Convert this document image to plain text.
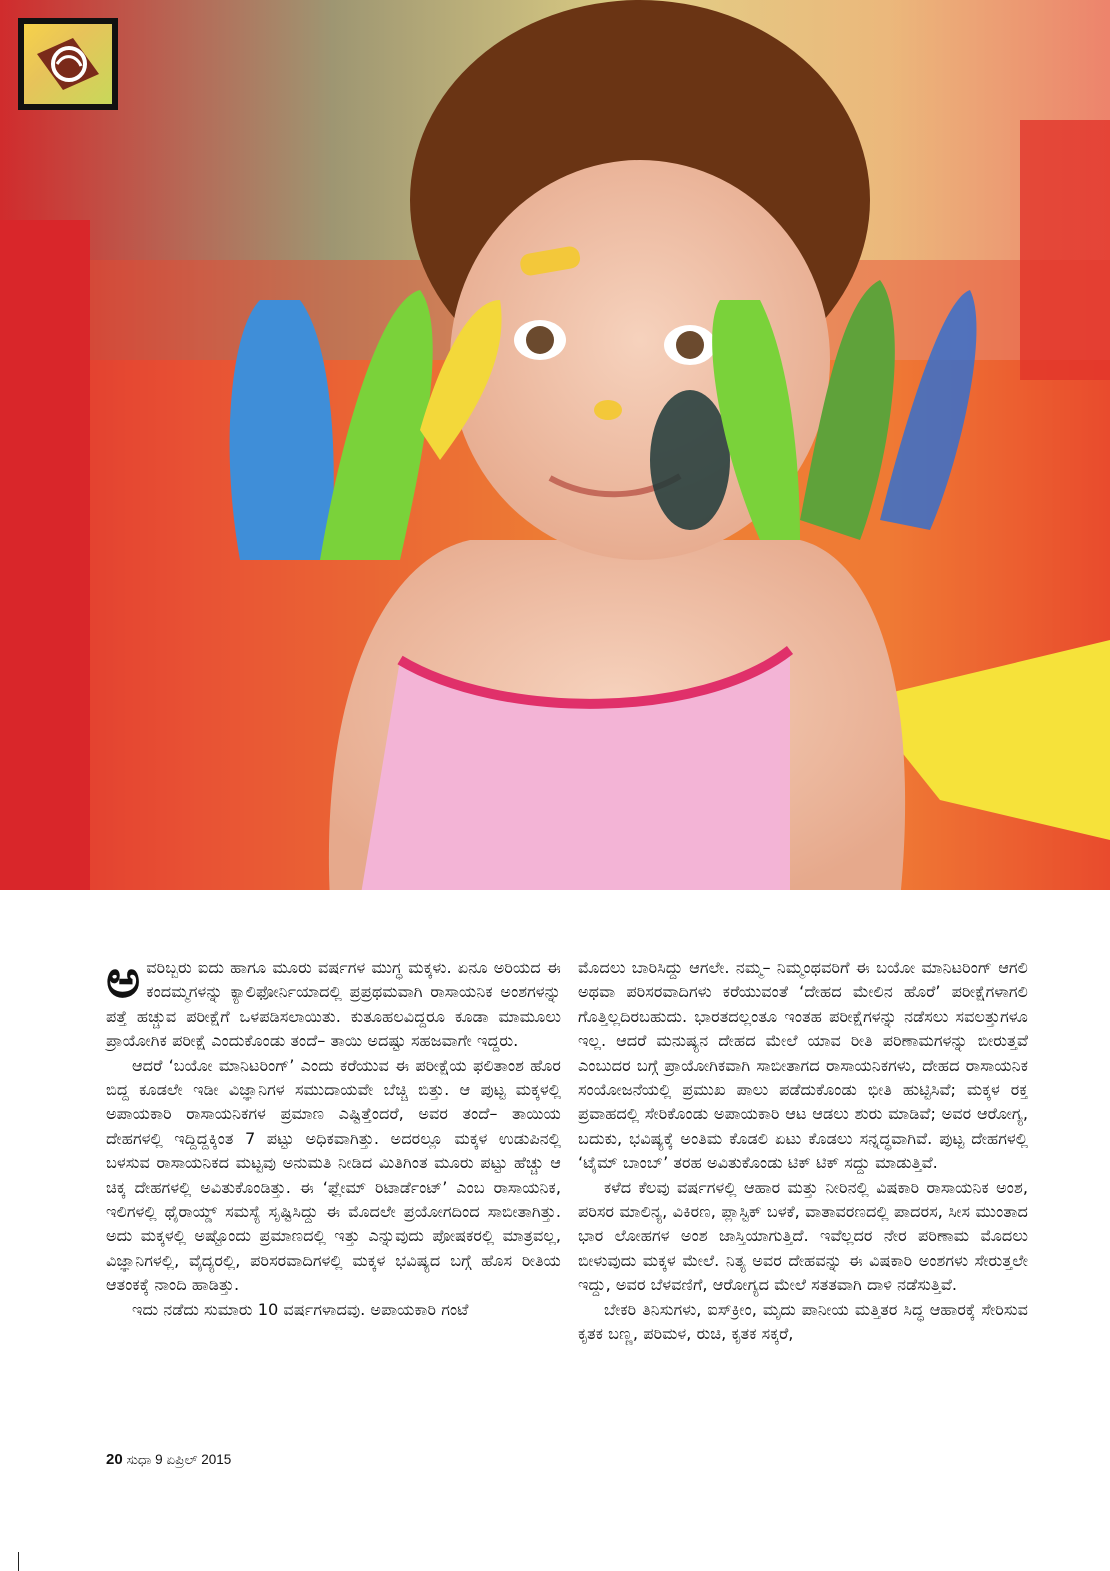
ಅವರಿಬ್ಬರು ಐದು ಹಾಗೂ ಮೂರು ವರ್ಷಗಳ ಮುಗ್ಧ ಮಕ್ಕಳು. ಏನೂ ಅರಿಯದ ಈ ಕಂದಮ್ಮಗಳನ್ನು ಕ್ಯಾಲಿಫೋರ್ನಿಯಾದಲ್ಲಿ ಪ್ರಪ್ರಥಮವಾಗಿ ರಾಸಾಯನಿಕ ಅಂಶಗಳನ್ನು ಪತ್ತೆ ಹಚ್ಚುವ ಪರೀಕ್ಷೆಗೆ ಒಳಪಡಿಸಲಾಯಿತು. ಕುತೂಹಲವಿದ್ದರೂ ಕೂಡಾ ಮಾಮೂಲು ಪ್ರಾಯೋಗಿಕ ಪರೀಕ್ಷೆ ಎಂದುಕೊಂಡು ತಂದೆ– ತಾಯಿ ಅದಷ್ಟು ಸಹಜವಾಗೇ ಇದ್ದರು.

ಆದರೆ ‘ಬಯೋ ಮಾನಿಟರಿಂಗ್’ ಎಂದು ಕರೆಯುವ ಈ ಪರೀಕ್ಷೆಯ ಫಲಿತಾಂಶ ಹೊರ ಬಿದ್ದ ಕೂಡಲೇ ಇಡೀ ವಿಜ್ಞಾನಿಗಳ ಸಮುದಾಯವೇ ಬೆಚ್ಚಿ ಬಿತ್ತು. ಆ ಪುಟ್ಟ ಮಕ್ಕಳಲ್ಲಿ ಅಪಾಯಕಾರಿ ರಾಸಾಯನಿಕಗಳ ಪ್ರಮಾಣ ಎಷ್ಟಿತ್ತೆಂದರೆ, ಅವರ ತಂದೆ– ತಾಯಿಯ ದೇಹಗಳಲ್ಲಿ ಇದ್ದಿದ್ದಕ್ಕಿಂತ 7 ಪಟ್ಟು ಅಧಿಕವಾಗಿತ್ತು. ಅದರಲ್ಲೂ ಮಕ್ಕಳ ಉಡುಪಿನಲ್ಲಿ ಬಳಸುವ ರಾಸಾಯನಿಕದ ಮಟ್ಟವು ಅನುಮತಿ ನೀಡಿದ ಮಿತಿಗಿಂತ ಮೂರು ಪಟ್ಟು ಹೆಚ್ಚು ಆ ಚಿಕ್ಕ ದೇಹಗಳಲ್ಲಿ ಅವಿತುಕೊಂಡಿತ್ತು. ಈ ‘ಫ್ಲೇಮ್ ರಿಟಾರ್ಡೆಂಟ್’ ಎಂಬ ರಾಸಾಯನಿಕ, ಇಲಿಗಳಲ್ಲಿ ಥೈರಾಯ್ಡ್ ಸಮಸ್ಯೆ ಸೃಷ್ಟಿಸಿದ್ದು ಈ ಮೊದಲೇ ಪ್ರಯೋಗದಿಂದ ಸಾಬೀತಾಗಿತ್ತು. ಅದು ಮಕ್ಕಳಲ್ಲಿ ಅಷ್ಟೊಂದು ಪ್ರಮಾಣದಲ್ಲಿ ಇತ್ತು ಎನ್ನುವುದು ಪೋಷಕರಲ್ಲಿ ಮಾತ್ರವಲ್ಲ, ವಿಜ್ಞಾನಿಗಳಲ್ಲಿ, ವೈದ್ಯರಲ್ಲಿ, ಪರಿಸರವಾದಿಗಳಲ್ಲಿ ಮಕ್ಕಳ ಭವಿಷ್ಯದ ಬಗ್ಗೆ ಹೊಸ ರೀತಿಯ ಆತಂಕಕ್ಕೆ ನಾಂದಿ ಹಾಡಿತ್ತು.

ಇದು ನಡೆದು ಸುಮಾರು 10 ವರ್ಷಗಳಾದವು. ಅಪಾಯಕಾರಿ ಗಂಟೆ

ಮೊದಲು ಬಾರಿಸಿದ್ದು ಆಗಲೇ. ನಮ್ಮ– ನಿಮ್ಮಂಥವರಿಗೆ ಈ ಬಯೋ ಮಾನಿಟರಿಂಗ್ ಆಗಲಿ ಅಥವಾ ಪರಿಸರವಾದಿಗಳು ಕರೆಯುವಂತೆ ‘ದೇಹದ ಮೇಲಿನ ಹೊರೆ’ ಪರೀಕ್ಷೆಗಳಾಗಲಿ ಗೊತ್ತಿಲ್ಲದಿರಬಹುದು. ಭಾರತದಲ್ಲಂತೂ ಇಂತಹ ಪರೀಕ್ಷೆಗಳನ್ನು ನಡೆಸಲು ಸವಲತ್ತುಗಳೂ ಇಲ್ಲ. ಆದರೆ ಮನುಷ್ಯನ ದೇಹದ ಮೇಲೆ ಯಾವ ರೀತಿ ಪರಿಣಾಮಗಳನ್ನು ಬೀರುತ್ತವೆ ಎಂಬುದರ ಬಗ್ಗೆ ಪ್ರಾಯೋಗಿಕವಾಗಿ ಸಾಬೀತಾಗದ ರಾಸಾಯನಿಕಗಳು, ದೇಹದ ರಾಸಾಯನಿಕ ಸಂಯೋಜನೆಯಲ್ಲಿ ಪ್ರಮುಖ ಪಾಲು ಪಡೆದುಕೊಂಡು ಭೀತಿ ಹುಟ್ಟಿಸಿವೆ; ಮಕ್ಕಳ ರಕ್ತ ಪ್ರವಾಹದಲ್ಲಿ ಸೇರಿಕೊಂಡು ಅಪಾಯಕಾರಿ ಆಟ ಆಡಲು ಶುರು ಮಾಡಿವೆ; ಅವರ ಆರೋಗ್ಯ, ಬದುಕು, ಭವಿಷ್ಯಕ್ಕೆ ಅಂತಿಮ ಕೊಡಲಿ ಏಟು ಕೊಡಲು ಸನ್ನದ್ಧವಾಗಿವೆ. ಪುಟ್ಟ ದೇಹಗಳಲ್ಲಿ ‘ಟೈಮ್ ಬಾಂಬ್’ ತರಹ ಅವಿತುಕೊಂಡು ಟಿಕ್ ಟಿಕ್ ಸದ್ದು ಮಾಡುತ್ತಿವೆ.

ಕಳೆದ ಕೆಲವು ವರ್ಷಗಳಲ್ಲಿ ಆಹಾರ ಮತ್ತು ನೀರಿನಲ್ಲಿ ವಿಷಕಾರಿ ರಾಸಾಯನಿಕ ಅಂಶ, ಪರಿಸರ ಮಾಲಿನ್ಯ, ವಿಕಿರಣ, ಪ್ಲಾಸ್ಟಿಕ್ ಬಳಕೆ, ವಾತಾವರಣದಲ್ಲಿ ಪಾದರಸ, ಸೀಸ ಮುಂತಾದ ಭಾರ ಲೋಹಗಳ ಅಂಶ ಜಾಸ್ತಿಯಾಗುತ್ತಿದೆ. ಇವೆಲ್ಲದರ ನೇರ ಪರಿಣಾಮ ಮೊದಲು ಬೀಳುವುದು ಮಕ್ಕಳ ಮೇಲೆ. ನಿತ್ಯ ಅವರ ದೇಹವನ್ನು ಈ ವಿಷಕಾರಿ ಅಂಶಗಳು ಸೇರುತ್ತಲೇ ಇದ್ದು, ಅವರ ಬೆಳವಣಿಗೆ, ಆರೋಗ್ಯದ ಮೇಲೆ ಸತತವಾಗಿ ದಾಳಿ ನಡೆಸುತ್ತಿವೆ.

ಬೇಕರಿ ತಿನಿಸುಗಳು, ಐಸ್‌ಕ್ರೀಂ, ಮೃದು ಪಾನೀಯ ಮತ್ತಿತರ ಸಿದ್ಧ ಆಹಾರಕ್ಕೆ ಸೇರಿಸುವ ಕೃತಕ ಬಣ್ಣ, ಪರಿಮಳ, ರುಚಿ, ಕೃತಕ ಸಕ್ಕರೆ,

20 ಸುಧಾ 9 ಏಪ್ರಿಲ್ 2015
